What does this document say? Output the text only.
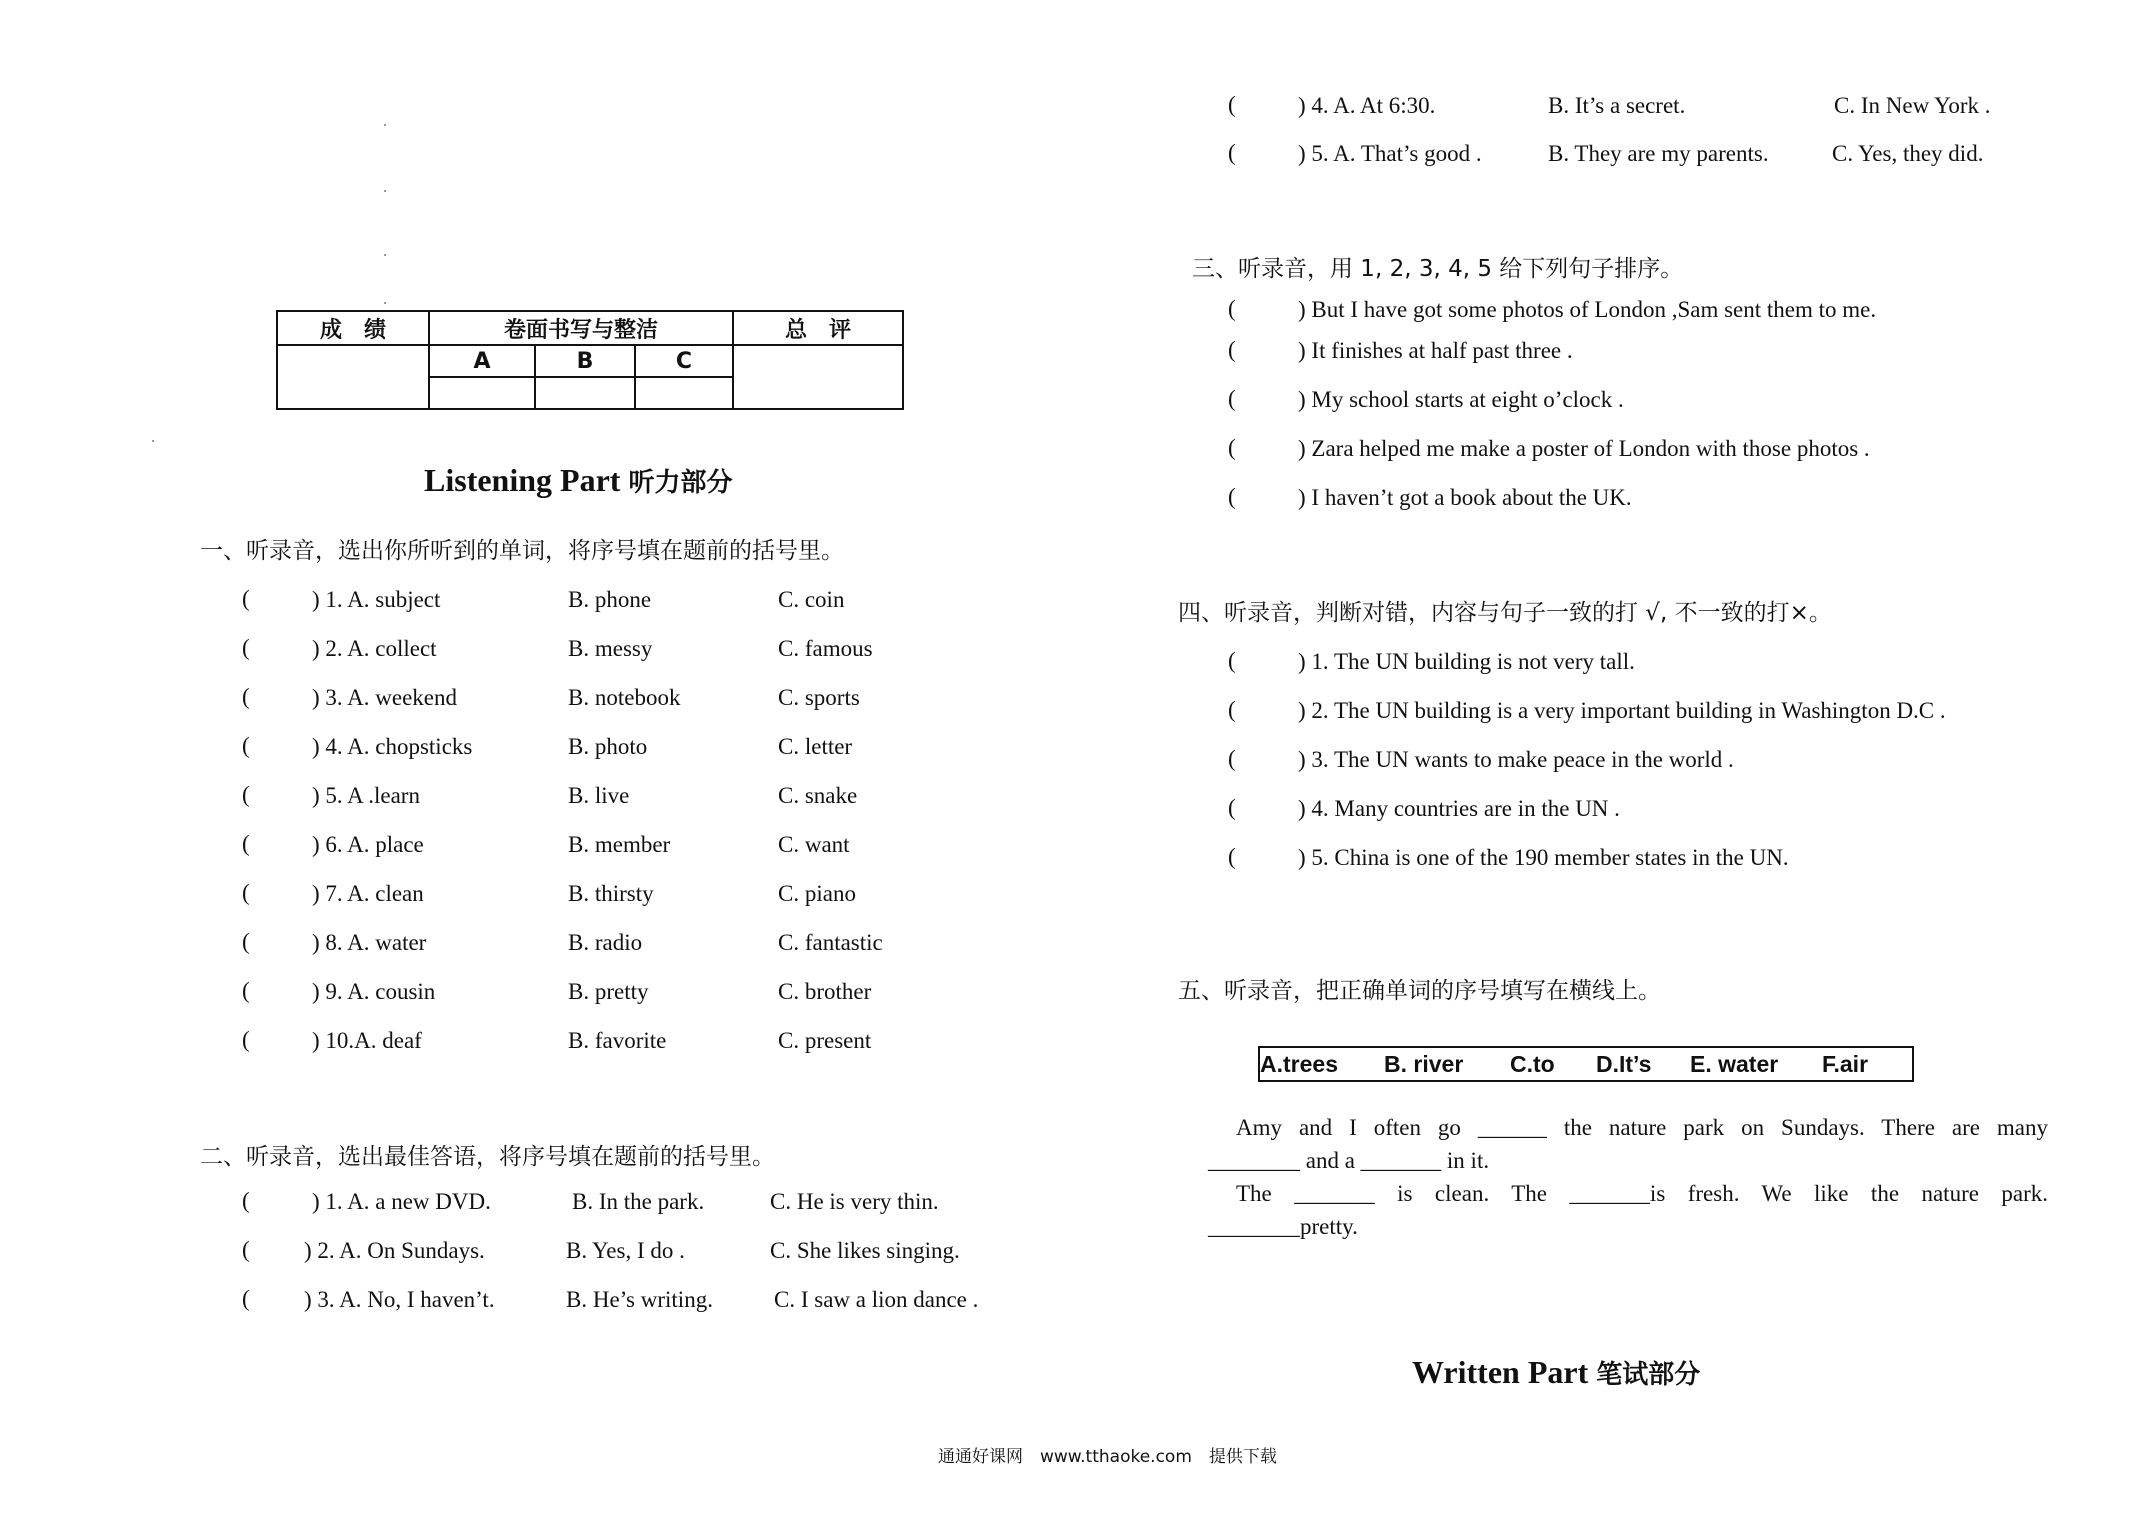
成　绩	卷面书写与整洁			总　评
	A	B	C	

Listening Part 听力部分
一、听录音，选出你所听到的单词，将序号填在题前的括号里。
(	) 1. A. subject	B. phone	C. coin
(	) 2. A. collect	B. messy	C. famous
(	) 3. A. weekend	B. notebook	C. sports
(	) 4. A. chopsticks	B. photo	C. letter
(	) 5. A .learn	B. live	C. snake
(	) 6. A. place	B. member	C. want
(	) 7. A. clean	B. thirsty	C. piano
(	) 8. A. water	B. radio	C. fantastic
(	) 9. A. cousin	B. pretty	C. brother
(	) 10.A. deaf	B. favorite	C. present
二、听录音，选出最佳答语，将序号填在题前的括号里。
(	) 1. A. a new DVD.	B. In the park.	C. He is very thin.
( ) 2. A. On Sundays.	B. Yes, I do .	C. She likes singing.
( ) 3. A. No, I haven’t.	B. He’s writing.	C. I saw a lion dance .
(	) 4. A. At 6:30.	B. It’s a secret.	C. In New York .
(	) 5. A. That’s good .	B. They are my parents.	C. Yes, they did.
三、听录音，用 1, 2, 3, 4, 5 给下列句子排序。
(	) But I have got some photos of London ,Sam sent them to me.
(	) It finishes at half past three .
(	) My school starts at eight o’clock .
(	) Zara helped me make a poster of London with those photos .
(	) I haven’t got a book about the UK.
四、听录音，判断对错，内容与句子一致的打 √, 不一致的打×。
(	) 1. The UN building is not very tall.
(	) 2. The UN building is a very important building in Washington D.C .
(	) 3. The UN wants to make peace in the world .
(	) 4. Many countries are in the UN .
(	) 5. China is one of the 190 member states in the UN.
五、听录音，把正确单词的序号填写在横线上。
A.trees B. river C.to D.It’s E. water F.air

Amy and I often go ______ the nature park on Sundays. There are many

________ and a _______ in it.

The _______ is clean. The _______is fresh. We like the nature park.

________pretty.

Written Part 笔试部分
通通好课网　www.tthaoke.com　提供下载
